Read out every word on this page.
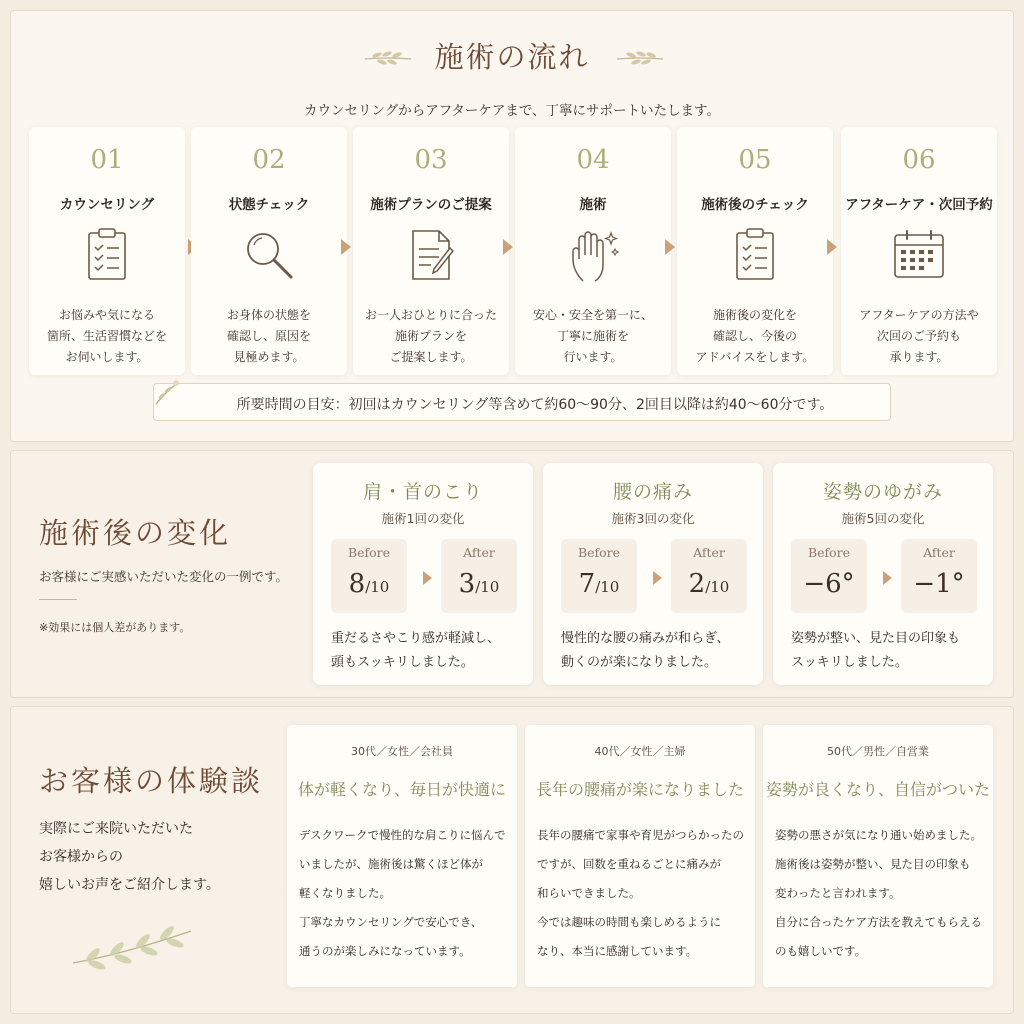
施術の流れ
カウンセリングからアフターケアまで、丁寧にサポートいたします。
01
カウンセリング
お悩みや気になる
箇所、生活習慣などを
お伺いします。
02
状態チェック
お身体の状態を
確認し、原因を
見極めます。
03
施術プランのご提案
お一人おひとりに合った
施術プランを
ご提案します。
04
施術
安心・安全を第一に、
丁寧に施術を
行います。
05
施術後のチェック
施術後の変化を
確認し、今後の
アドバイスをします。
06
アフターケア・次回予約
アフターケアの方法や
次回のご予約も
承ります。
所要時間の目安：初回はカウンセリング等含めて約60〜90分、2回目以降は約40〜60分です。
施術後の変化
お客様にご実感いただいた変化の一例です。
※効果には個人差があります。
肩・首のこり
施術1回の変化
Before
8/10
After
3/10
重だるさやこり感が軽減し、
頭もスッキリしました。
腰の痛み
施術3回の変化
Before
7/10
After
2/10
慢性的な腰の痛みが和らぎ、
動くのが楽になりました。
姿勢のゆがみ
施術5回の変化
Before
−6°
After
−1°
姿勢が整い、見た目の印象も
スッキリしました。
お客様の体験談
実際にご来院いただいた
お客様からの
嬉しいお声をご紹介します。
30代／女性／会社員
体が軽くなり、毎日が快適に
デスクワークで慢性的な肩こりに悩んで
いましたが、施術後は驚くほど体が
軽くなりました。
丁寧なカウンセリングで安心でき、
通うのが楽しみになっています。
40代／女性／主婦
長年の腰痛が楽になりました
長年の腰痛で家事や育児がつらかったの
ですが、回数を重ねるごとに痛みが
和らいできました。
今では趣味の時間も楽しめるように
なり、本当に感謝しています。
50代／男性／自営業
姿勢が良くなり、自信がついた
姿勢の悪さが気になり通い始めました。
施術後は姿勢が整い、見た目の印象も
変わったと言われます。
自分に合ったケア方法を教えてもらえる
のも嬉しいです。
